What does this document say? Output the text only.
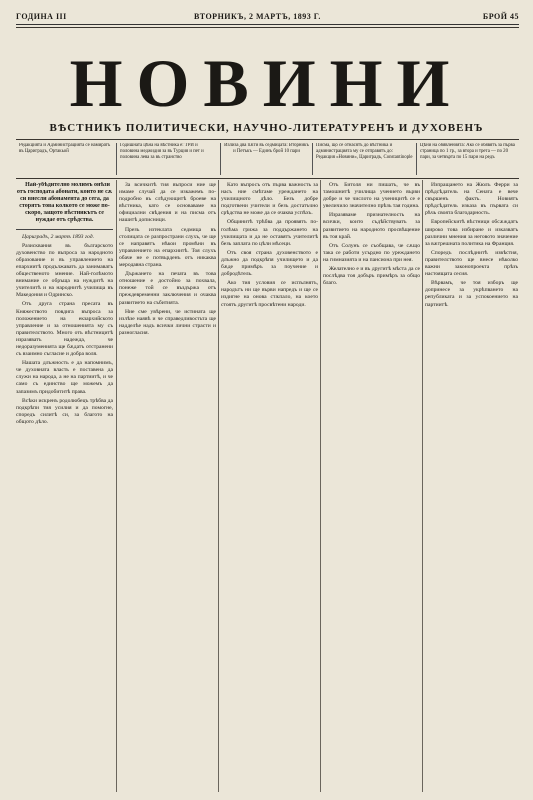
ГОДИНА III	ВТОРНИКЪ, 2 МАРТЪ, 1893 Г.	БРОЙ 45
НОВИНИ
ВѢСТНИКЪ ПОЛИТИЧЕСКИ, НАУЧНО-ЛИТЕРАТУРЕНЪ И ДУХОВЕНЪ
Редакцията и Администрацията се намиратъ въ Цариградъ, Ортакьой
Годишната цѣна на вѣстника е: ТРИ и половина меджидия за въ Турция и пет и половина лева за въ странство
Излиза два пѫти въ седмицата: Вторникъ и Петъкъ — Единъ брой 10 пари
Писма, що се отнасятъ до вѣстника и администрацията му се отправятъ до: Редакция «Новини», Цариградъ, Constantinople
Цѣни на обявленията: Ако се обявятъ за първа страница по 1 гр., за втора и трета — по 20 пари, за четвърта по 15 пари на редъ

Най-убѣдително молимъ онѣзи отъ господата абонати, които не сѫ си внесли абонамента до сега, да сторятъ това колкото се може по-скоро, защото вѣстникътъ се нуждае отъ срѣдства.

Цариградъ, 2 мартъ 1893 год.

Разисквания въ българското духовенство по въпроса за народното образование и въ управлението на епархиитѣ продължаватъ да занимаватъ общественото мнение. Най-голѣмото внимание се обръща на нуждитѣ на учителитѣ и на народнитѣ училища въ Македония и Одринско.

Отъ друга страна пресата въ Княжеството повдига въпроса за положението на екзархийското управление и за отношенията му съ правителството. Много отъ вѣстницитѣ изразяватъ надежда, че недоразуменията ще бѫдатъ отстранени съ взаимно съгласие и добра воля.

Нашата длъжность е да напомнимъ, че духовната власть е поставена да служи на народа, а не на партиитѣ, и че само съ единство ще можемъ да запазимъ придобититѣ права.

Всѣки искренъ родолюбецъ трѣбва да подкрѣпи тия усилия и да помогне, споредъ силитѣ си, за благото на общото дѣло.

За всичкитѣ тия въпроси ние ще имаме случай да се изкажемъ по-подробно въ слѣдующитѣ броеве на вѣстника, като се основаваме на официални свѣдения и на писма отъ нашитѣ дописници.

Презъ изтеклата седмица въ столицата се разпространи слухъ, че ще се направятъ нѣкои промѣни въ управлението на епархиитѣ. Тоя слухъ обаче не е потвърденъ отъ никаква меродавна страна.

Държането на печата въ това отношение е достойно за похвала, понеже той се въздържа отъ преждевременни заключения и очаква развитието на събитията.

Ние сме увѣрени, че истината ще излѣзе наявѣ и че справедливостьта ще надделѣе надъ всички лични страсти и разногласия.

Като въпросъ отъ първа важность за насъ ние смѣтаме уреждането на училищното дѣло. Безъ добре подготвени учители и безъ достатъчно срѣдства не може да се очаква успѣхъ.

Общинитѣ трѣбва да проявятъ по-голѣма грижа за поддържането на училищата и да не оставятъ учителитѣ безъ заплата по цѣли мѣсеци.

Отъ своя страна духовенството е длъжно да подкрѣпя училището и да бѫде примѣръ за поучение и добродѣтель.

Ако тия условия се испълнятъ, народътъ ни ще върви напредъ и ще се издигне на онова стѫпало, на което стоятъ другитѣ просвѣтени народи.

Отъ Битоля ни пишатъ, че въ тамошнитѣ училища учението върви добре и че числото на ученицитѣ се е увеличило значително прѣзъ тая година.

Изразяваме признателность на всички, които съдѣйствуватъ за развитието на народното просвѣщение въ тоя край.

Отъ Солунъ се съобщава, че сѫщо така се работи усърдно по уреждането на гимназията и на пансиона при нея.

Желателно е и въ другитѣ мѣста да се послѣдва тоя добъръ примѣръ за общо благо.

Изпращането на Жюлъ Ферри за прѣдсѣдатель на Сената е вече свършенъ фактъ. Новиятъ прѣдсѣдатель изказа въ първата си рѣчь своята благодарность.

Европейскитѣ вѣстници обсѫждатъ широко това избиране и изказватъ различни мнения за неговото значение за вѫтрешната политика на Франция.

Споредъ послѣднитѣ извѣстия, правителството ще внесе нѣколко важни законопроекта прѣзъ настоящата сесия.

Вѣрвамъ, че тоя изборъ ще допринесе за укрѣпването на републиката и за успокоението на партиитѣ.
